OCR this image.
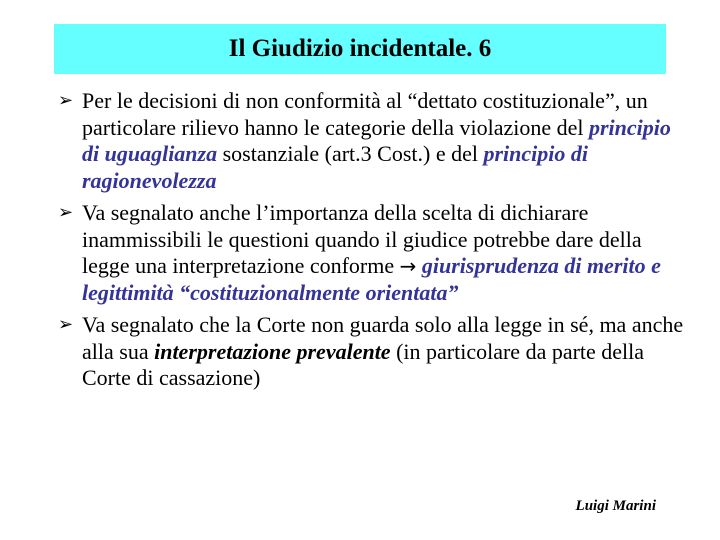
Il Giudizio incidentale. 6

➢ Per le decisioni di non conformità al “dettato costituzionale”, un particolare rilievo hanno le categorie della violazione del principio di uguaglianza sostanziale (art.3 Cost.) e del principio di ragionevolezza

➢ Va segnalato anche l’importanza della scelta di dichiarare inammissibili le questioni quando il giudice potrebbe dare della legge una interpretazione conforme → giurisprudenza di merito e legittimità “costituzionalmente orientata”

➢ Va segnalato che la Corte non guarda solo alla legge in sé, ma anche alla sua interpretazione prevalente (in particolare da parte della Corte di cassazione)

Luigi Marini
